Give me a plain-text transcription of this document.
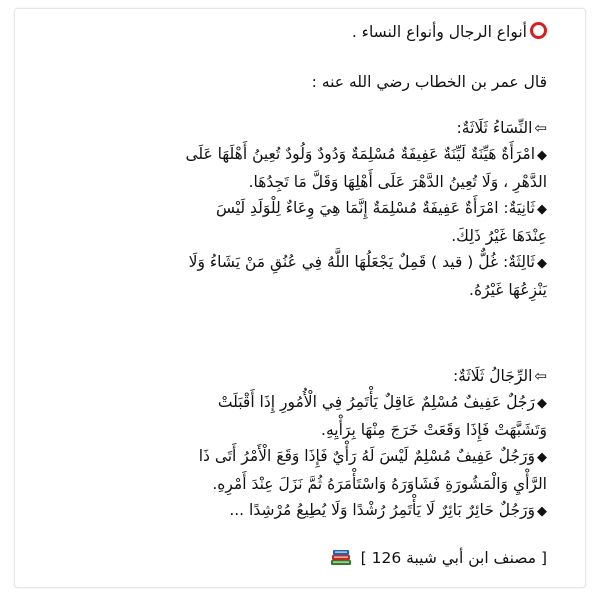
أنواع الرجال وأنواع النساء .
قال عمر بن الخطاب رضي الله عنه :
⇦النِّسَاءُ ثَلَاثَةٌ:
◆امْرَأَةٌ هَيِّنَةٌ لَيِّنَةٌ عَفِيفَةٌ مُسْلِمَةٌ وَدُودٌ وَلُودٌ تُعِينُ أَهْلَهَا عَلَى
الدَّهْرِ ، وَلَا تُعِينُ الدَّهْرَ عَلَى أَهْلِهَا وَقَلَّ مَا تَجِدُهَا.
◆ثَانِيَةٌ: امْرَأَةٌ عَفِيفَةٌ مُسْلِمَةٌ إِنَّمَا هِيَ وِعَاءٌ لِلْوَلَدِ لَيْسَ
عِنْدَهَا غَيْرُ ذَلِكَ.
◆ثَالِثَةٌ: غُلٌّ ( قيد ) قَمِلٌ يَجْعَلُهَا اللَّهُ فِي عُنُقِ مَنْ يَشَاءُ وَلَا
يَنْزِعُهَا غَيْرُهُ.
⇦الرِّجَالُ ثَلَاثَةٌ:
◆رَجُلٌ عَفِيفٌ مُسْلِمٌ عَاقِلٌ يَأْتَمِرُ فِي الْأُمُورِ إِذَا أَقْبَلَتْ
وَتَشَبَّهَتْ فَإِذَا وَقَعَتْ خَرَجَ مِنْهَا بِرَأْيِهِ.
◆وَرَجُلٌ عَفِيفٌ مُسْلِمٌ لَيْسَ لَهُ رَأْيٌ فَإِذَا وَقَعَ الْأَمْرُ أَتَى ذَا
الرَّأْيِ وَالْمَشُورَةِ فَشَاوَرَهُ وَاسْتَأْمَرَهُ ثُمَّ نَزَلَ عِنْدَ أَمْرِهِ.
◆وَرَجُلٌ حَائِرٌ بَائِرٌ لَا يَأْتَمِرُ رُشْدًا وَلَا يُطِيعُ مُرْشِدًا ...
[ مصنف ابن أبي شيبة 126 ]
